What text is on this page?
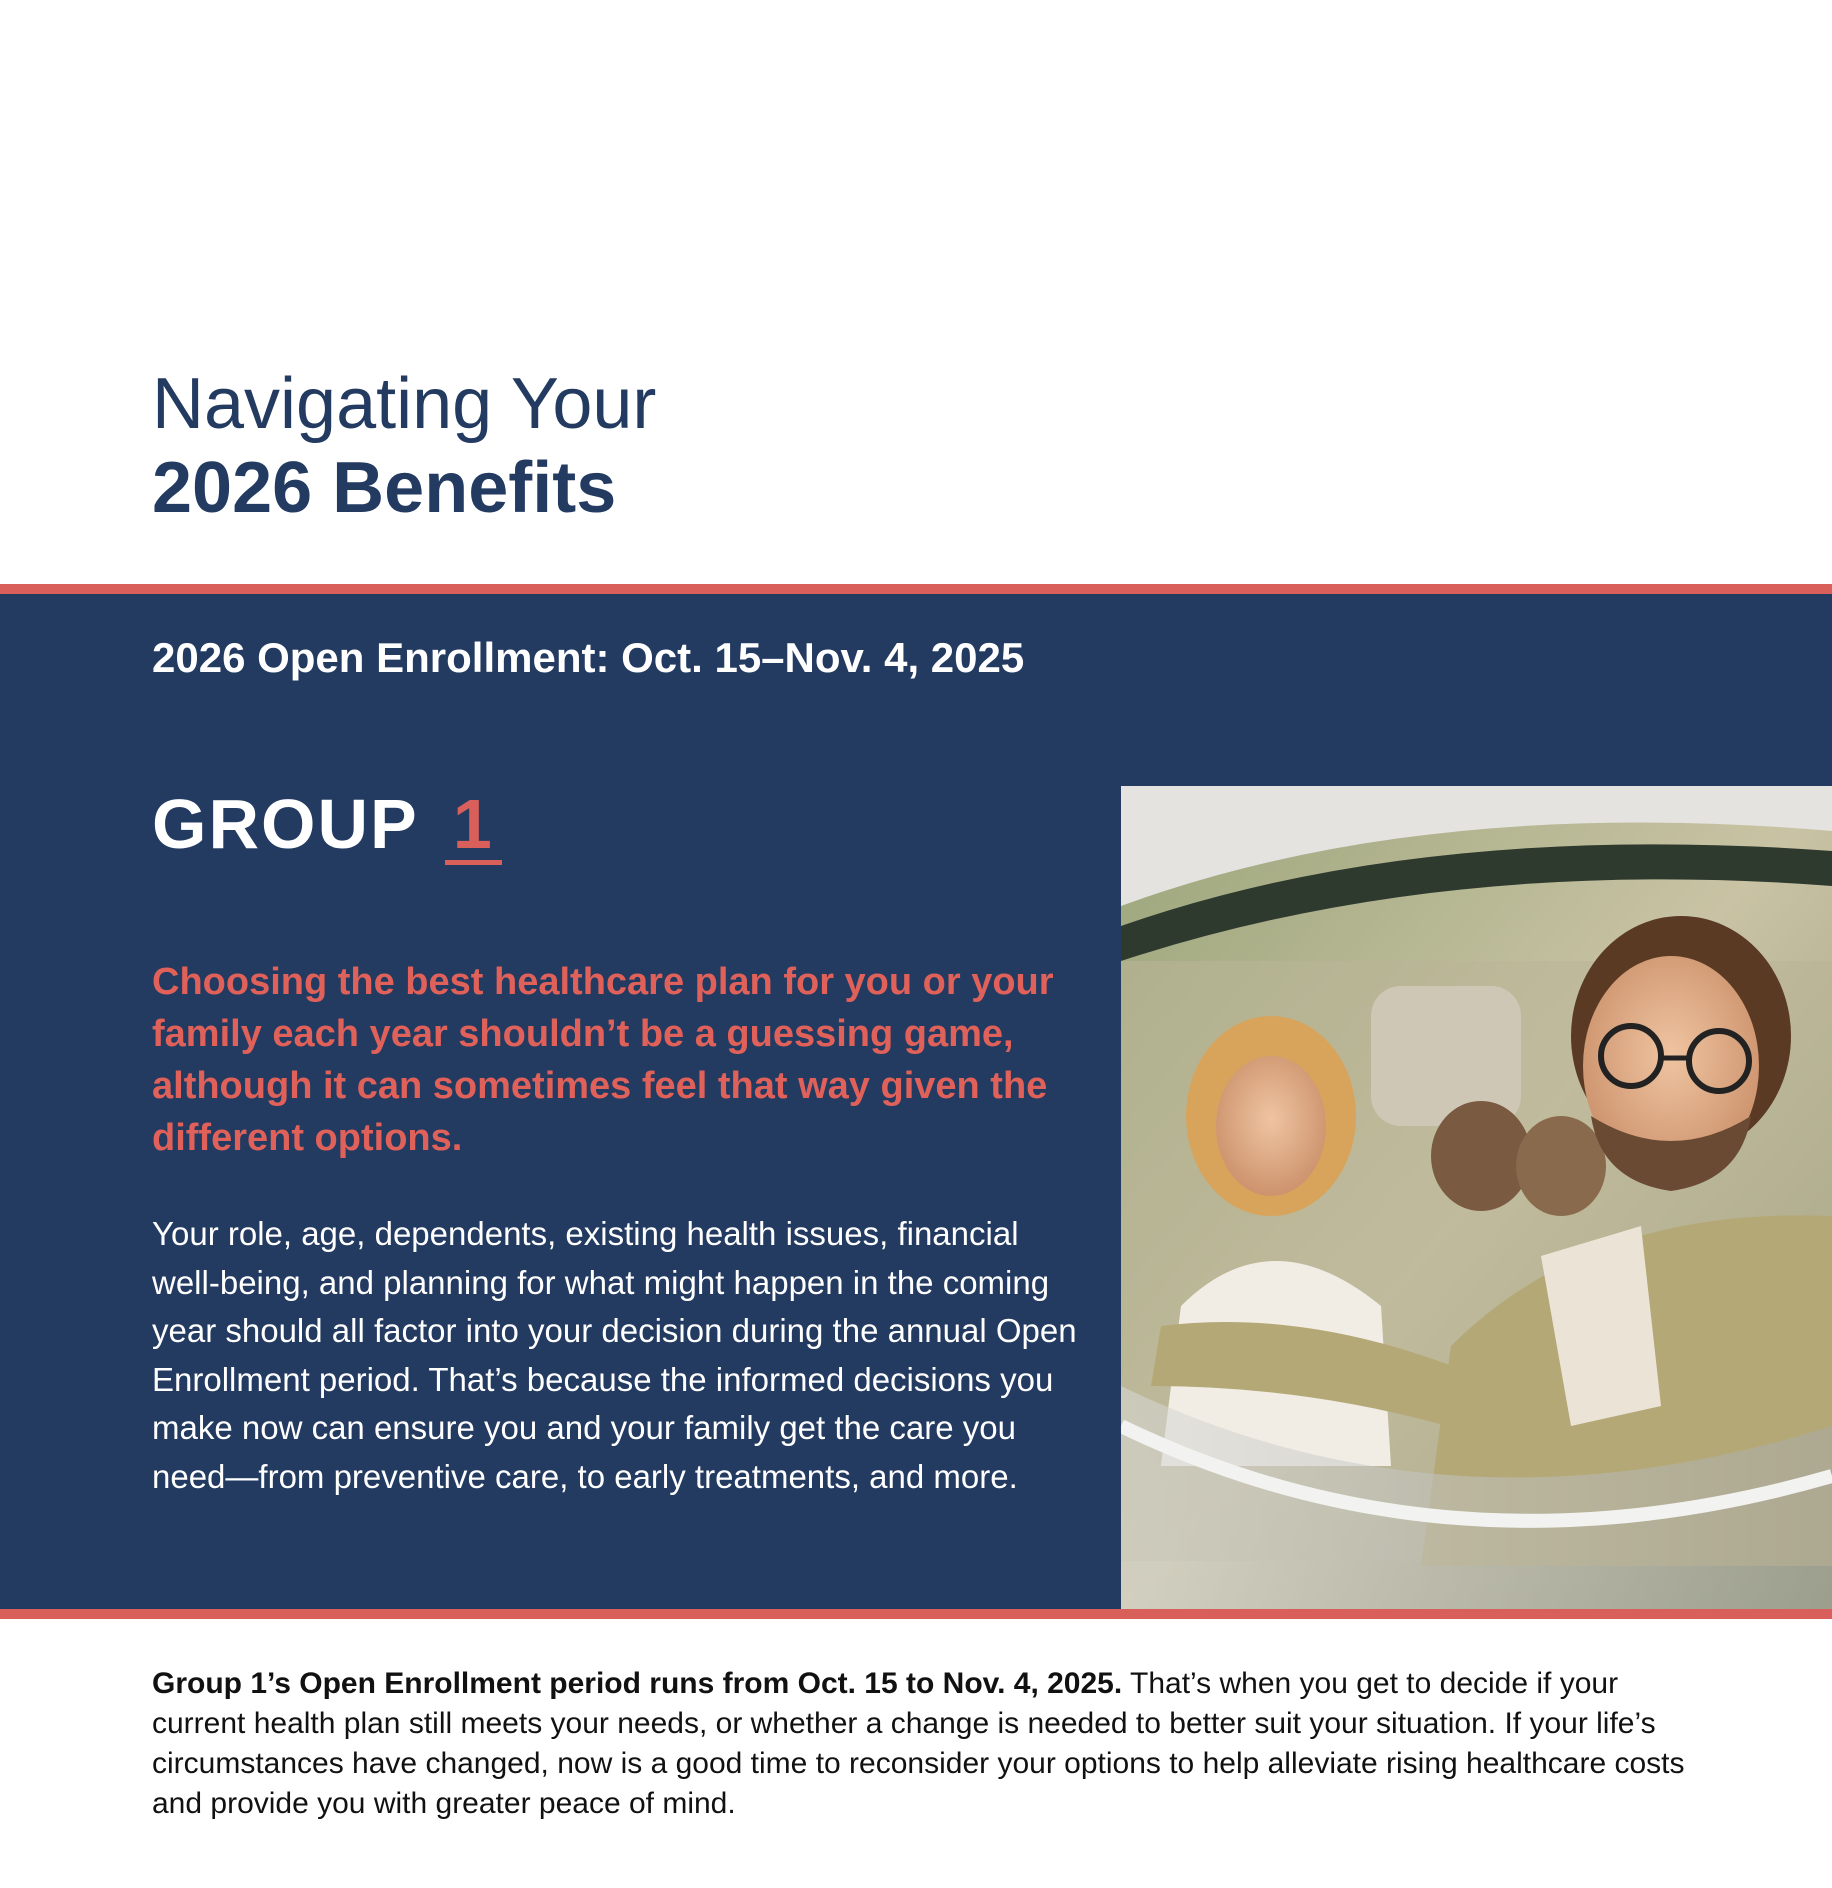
Navigating Your
2026 Benefits

2026 Open Enrollment: Oct. 15–Nov. 4, 2025

GROUP 1

Choosing the best healthcare plan for you or your family each year shouldn’t be a guessing game, although it can sometimes feel that way given the different options.

Your role, age, dependents, existing health issues, financial well-being, and planning for what might happen in the coming year should all factor into your decision during the annual Open Enrollment period. That’s because the informed decisions you make now can ensure you and your family get the care you need—from preventive care, to early treatments, and more.

Group 1’s Open Enrollment period runs from Oct. 15 to Nov. 4, 2025. That’s when you get to decide if your current health plan still meets your needs, or whether a change is needed to better suit your situation. If your life’s circumstances have changed, now is a good time to reconsider your options to help alleviate rising healthcare costs and provide you with greater peace of mind.
